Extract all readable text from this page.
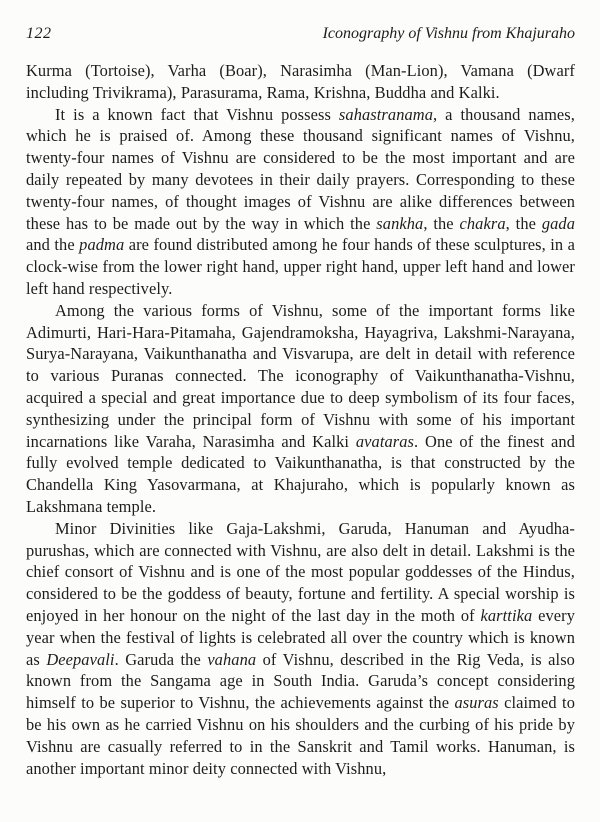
122	Iconography of Vishnu from Khajuraho

Kurma (Tortoise), Varha (Boar), Narasimha (Man-Lion), Vamana (Dwarf including Trivikrama), Parasurama, Rama, Krishna, Buddha and Kalki.

It is a known fact that Vishnu possess sahastranama, a thousand names, which he is praised of. Among these thousand significant names of Vishnu, twenty-four names of Vishnu are considered to be the most important and are daily repeated by many devotees in their daily prayers. Corresponding to these twenty-four names, of thought images of Vishnu are alike differences between these has to be made out by the way in which the sankha, the chakra, the gada and the padma are found distributed among he four hands of these sculptures, in a clock-wise from the lower right hand, upper right hand, upper left hand and lower left hand respectively.

Among the various forms of Vishnu, some of the important forms like Adimurti, Hari-Hara-Pitamaha, Gajendramoksha, Hayagriva, Lakshmi-Narayana, Surya-Narayana, Vaikunthanatha and Visvarupa, are delt in detail with reference to various Puranas connected. The iconography of Vaikunthanatha-Vishnu, acquired a special and great importance due to deep symbolism of its four faces, synthesizing under the principal form of Vishnu with some of his important incarnations like Varaha, Narasimha and Kalki avataras. One of the finest and fully evolved temple dedicated to Vaikunthanatha, is that constructed by the Chandella King Yasovarmana, at Khajuraho, which is popularly known as Lakshmana temple.

Minor Divinities like Gaja-Lakshmi, Garuda, Hanuman and Ayudha-purushas, which are connected with Vishnu, are also delt in detail. Lakshmi is the chief consort of Vishnu and is one of the most popular goddesses of the Hindus, considered to be the goddess of beauty, fortune and fertility. A special worship is enjoyed in her honour on the night of the last day in the moth of karttika every year when the festival of lights is celebrated all over the country which is known as Deepavali. Garuda the vahana of Vishnu, described in the Rig Veda, is also known from the Sangama age in South India. Garuda’s concept considering himself to be superior to Vishnu, the achievements against the asuras claimed to be his own as he carried Vishnu on his shoulders and the curbing of his pride by Vishnu are casually referred to in the Sanskrit and Tamil works. Hanuman, is another important minor deity connected with Vishnu,
